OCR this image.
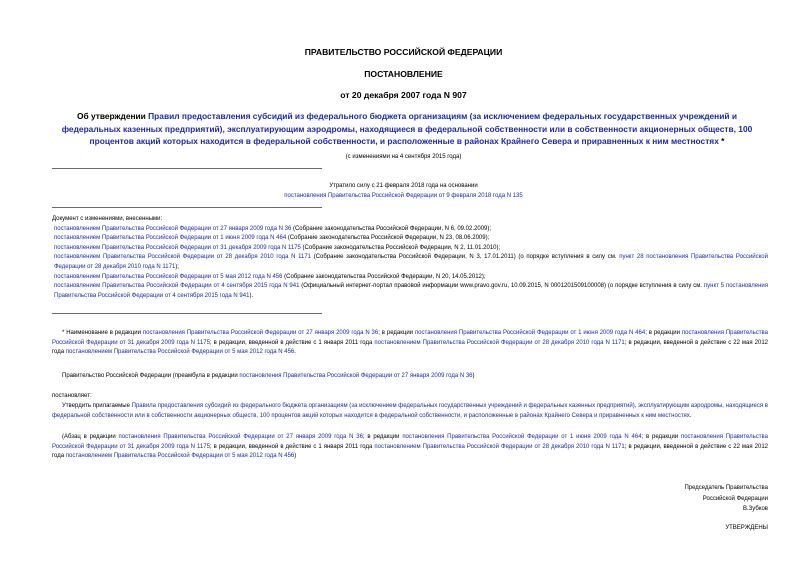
ПРАВИТЕЛЬСТВО РОССИЙСКОЙ ФЕДЕРАЦИИ
ПОСТАНОВЛЕНИЕ
от 20 декабря 2007 года N 907
Об утверждении Правил предоставления субсидий из федерального бюджета организациям (за исключением федеральных государственных учреждений и федеральных казенных предприятий), эксплуатирующим аэродромы, находящиеся в федеральной собственности или в собственности акционерных обществ, 100 процентов акций которых находится в федеральной собственности, и расположенные в районах Крайнего Севера и приравненных к ним местностях *
(с изменениями на 4 сентября 2015 года)
Утратило силу с 21 февраля 2018 года на основании
постановления Правительства Российской Федерации от 9 февраля 2018 года N 135
Документ с изменениями, внесенными:
постановлением Правительства Российской Федерации от 27 января 2009 года N 36 (Собрание законодательства Российской Федерации, N 6, 09.02.2009);
постановлением Правительства Российской Федерации от 1 июня 2009 года N 464 (Собрание законодательства Российской Федерации, N 23, 08.06.2009);
постановлением Правительства Российской Федерации от 31 декабря 2009 года N 1175 (Собрание законодательства Российской Федерации, N 2, 11.01.2010);
постановлением Правительства Российской Федерации от 28 декабря 2010 года N 1171 (Собрание законодательства Российской Федерации, N 3, 17.01.2011) (о порядке вступления в силу см. пункт 28 постановления Правительства Российской Федерации от 28 декабря 2010 года N 1171);
постановлением Правительства Российской Федерации от 5 мая 2012 года N 456 (Собрание законодательства Российской Федерации, N 20, 14.05.2012);
постановлением Правительства Российской Федерации от 4 сентября 2015 года N 941 (Официальный интернет-портал правовой информации www.pravo.gov.ru, 10.09.2015, N 0001201509100008) (о порядке вступления в силу см. пункт 5 постановления Правительства Российской Федерации от 4 сентября 2015 года N 941).
* Наименование в редакции постановления Правительства Российской Федерации от 27 января 2009 года N 36; в редакции постановления Правительства Российской Федерации от 1 июня 2009 года N 464; в редакции постановления Правительства Российской Федерации от 31 декабря 2009 года N 1175; в редакции, введенной в действие с 1 января 2011 года постановлением Правительства Российской Федерации от 28 декабря 2010 года N 1171; в редакции, введенной в действие с 22 мая 2012 года постановлением Правительства Российской Федерации от 5 мая 2012 года N 456.
Правительство Российской Федерации (преамбула в редакции постановления Правительства Российской Федерации от 27 января 2009 года N 36)
постановляет:
Утвердить прилагаемые Правила предоставления субсидий из федерального бюджета организациям (за исключением федеральных государственных учреждений и федеральных казенных предприятий), эксплуатирующим аэродромы, находящиеся в федеральной собственности или в собственности акционерных обществ, 100 процентов акций которых находится в федеральной собственности, и расположенные в районах Крайнего Севера и приравненных к ним местностях.
(Абзац в редакции постановления Правительства Российской Федерации от 27 января 2009 года N 36; в редакции постановления Правительства Российской Федерации от 1 июня 2009 года N 464; в редакции постановления Правительства Российской Федерации от 31 декабря 2009 года N 1175; в редакции, введенной в действие с 1 января 2011 года постановлением Правительства Российской Федерации от 28 декабря 2010 года N 1171; в редакции, введенной в действие с 22 мая 2012 года постановлением Правительства Российской Федерации от 5 мая 2012 года N 456)
Председатель Правительства
Российской Федерации
В.Зубков
УТВЕРЖДЕНЫ
